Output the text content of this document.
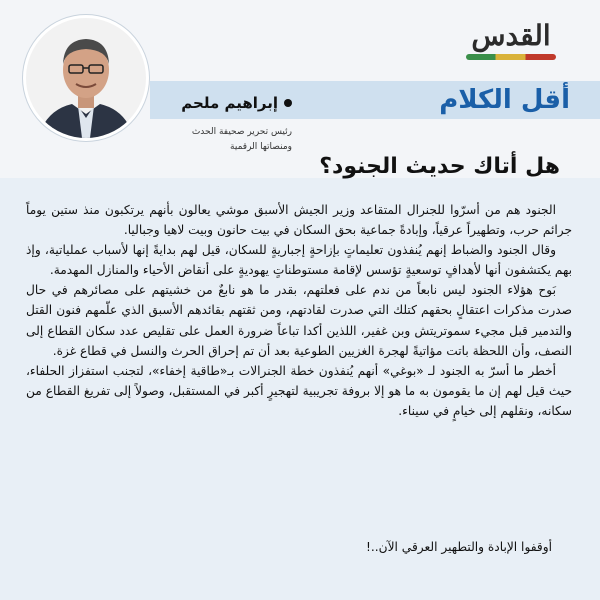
القدس
أقل الكلام
إبراهيم ملحم
رئيس تحرير صحيفة الحدث
ومنصاتها الرقمية
هل أتاك حديث الجنود؟

الجنود هم من أسرّوا للجنرال المتقاعد وزير الجيش الأسبق موشي يعالون بأنهم يرتكبون منذ ستين يوماً جرائم حرب، وتطهيراً عرقياً، وإبادةً جماعية بحق السكان في بيت حانون وبيت لاهيا وجباليا.

وقال الجنود والضباط إنهم يُنفذون تعليماتٍ بإزاحةٍ إجباريةٍ للسكان، قيل لهم بدايةً إنها لأسباب عملياتية، وإذ بهم يكتشفون أنها لأهدافٍ توسعيةٍ تؤسس لإقامة مستوطناتٍ يهوديةٍ على أنقاض الأحياء والمنازل المهدمة.

بَوح هؤلاء الجنود ليس نابعاً من ندم على فعلتهم، بقدر ما هو نابعٌ من خشيتهم على مصائرهم في حال صدرت مذكرات اعتقالٍ بحقهم كتلك التي صدرت لقادتهم، ومن ثقتهم بقائدهم الأسبق الذي علّمهم فنون القتل والتدمير قبل مجيء سموتريتش وبن غفير، اللذين أكدا تباعاً ضرورة العمل على تقليص عدد سكان القطاع إلى النصف، وأن اللحظة باتت مؤاتيةً لهجرة الغزيين الطوعية بعد أن تم إحراق الحرث والنسل في قطاع غزة.

أخطر ما أسرّ به الجنود لـ «بوغي» أنهم يُنفذون خطة الجنرالات بـ«طاقية إخفاء»، لتجنب استفزاز الحلفاء، حيث قيل لهم إن ما يقومون به ما هو إلا بروفة تجريبية لتهجيرٍ أكبر في المستقبل، وصولاً إلى تفريغ القطاع من سكانه، ونقلهم إلى خيامٍ في سيناء.

أوقفوا الإبادة والتطهير العرقي الآن..!
